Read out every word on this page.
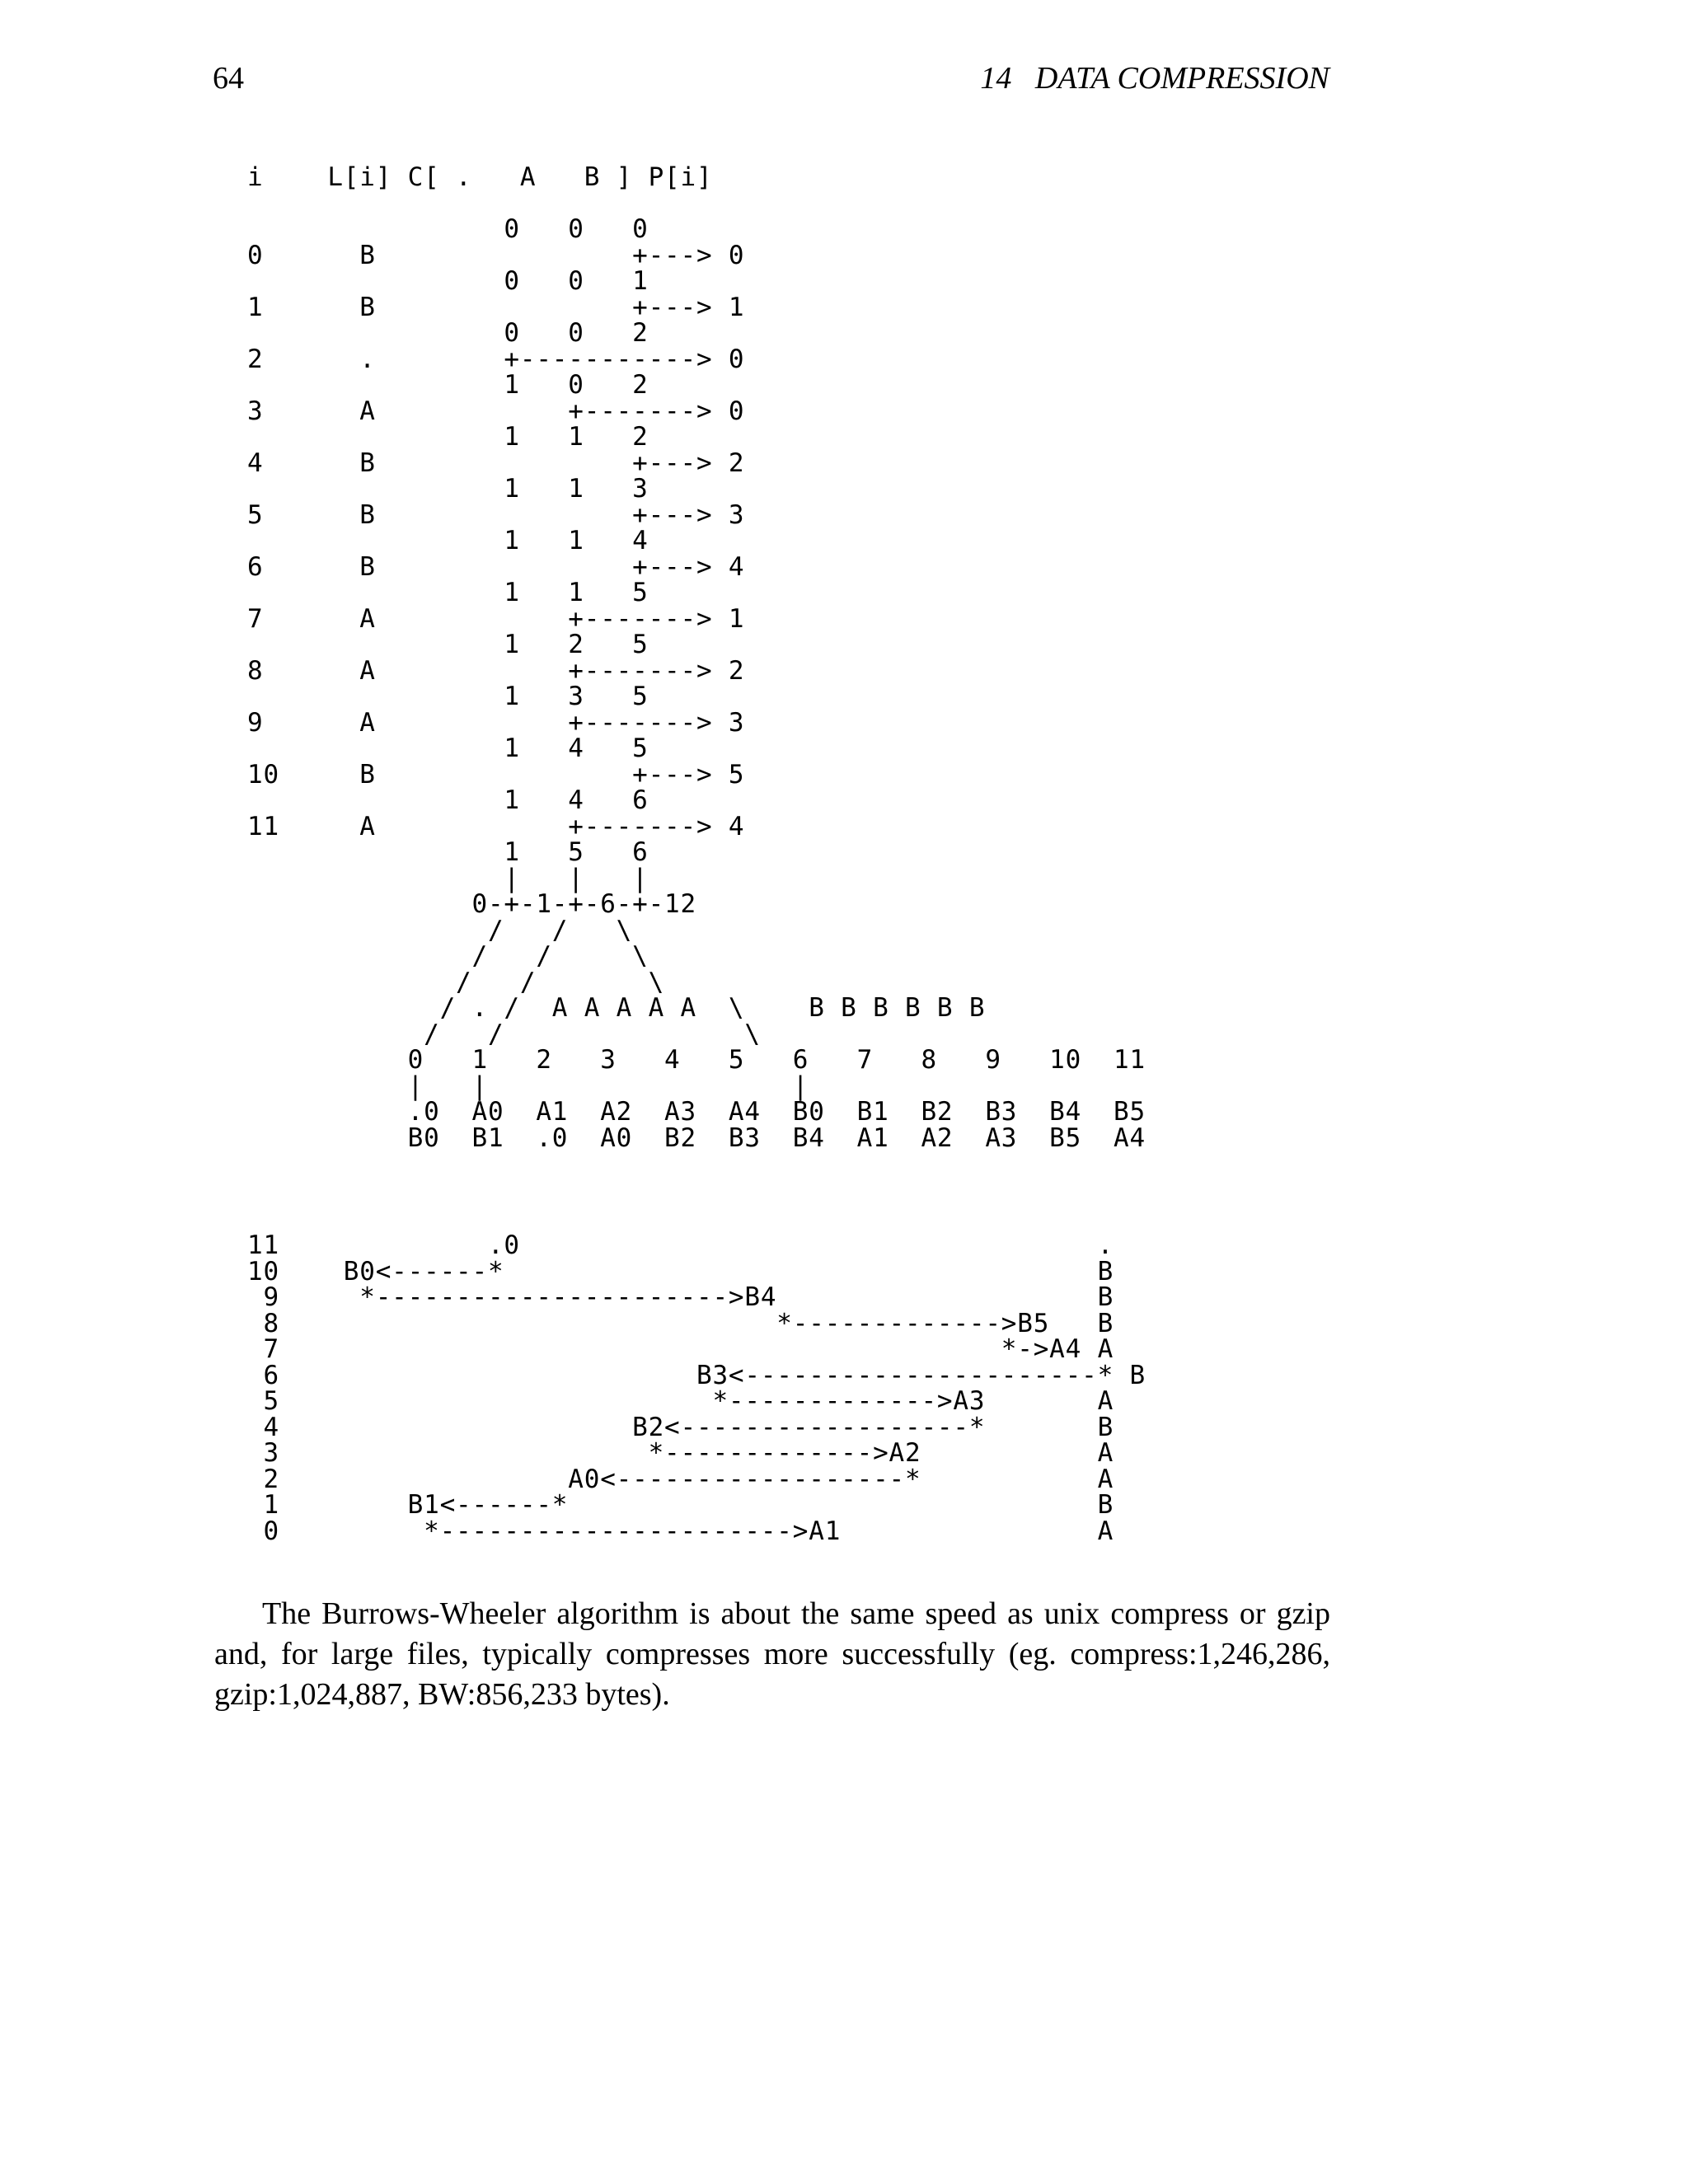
64	14   DATA COMPRESSION
i    L[i] C[ .   A   B ] P[i]

0   0   0
0      B                +---> 0
0   0   1
1      B                +---> 1
0   0   2
2      .        +-----------> 0
1   0   2
3      A            +-------> 0
1   1   2
4      B                +---> 2
1   1   3
5      B                +---> 3
1   1   4
6      B                +---> 4
1   1   5
7      A            +-------> 1
1   2   5
8      A            +-------> 2
1   3   5
9      A            +-------> 3
1   4   5
10     B                +---> 5
1   4   6
11     A            +-------> 4
1   5   6
|   |   |
0-+-1-+-6-+-12
/   /   \
/   /     \
/   /       \
/ . /  A A A A A  \    B B B B B B
/   /               \
0   1   2   3   4   5   6   7   8   9   10  11
|   |                   |
.0  A0  A1  A2  A3  A4  B0  B1  B2  B3  B4  B5
B0  B1  .0  A0  B2  B3  B4  A1  A2  A3  B5  A4
11             .0                                    .
10    B0<------*                                     B
9     *---------------------->B4                    B
8                               *------------->B5   B
7                                             *->A4 A
6                          B3<----------------------* B
5                           *------------->A3       A
4                      B2<------------------*       B
3                       *------------->A2           A
2                  A0<------------------*           A
1        B1<------*                                 B
0         *---------------------->A1                A

The Burrows-Wheeler algorithm is about the same speed as unix compress or gzip and, for large files, typically compresses more successfully (eg. compress:1,246,286, gzip:1,024,887, BW:856,233 bytes).
